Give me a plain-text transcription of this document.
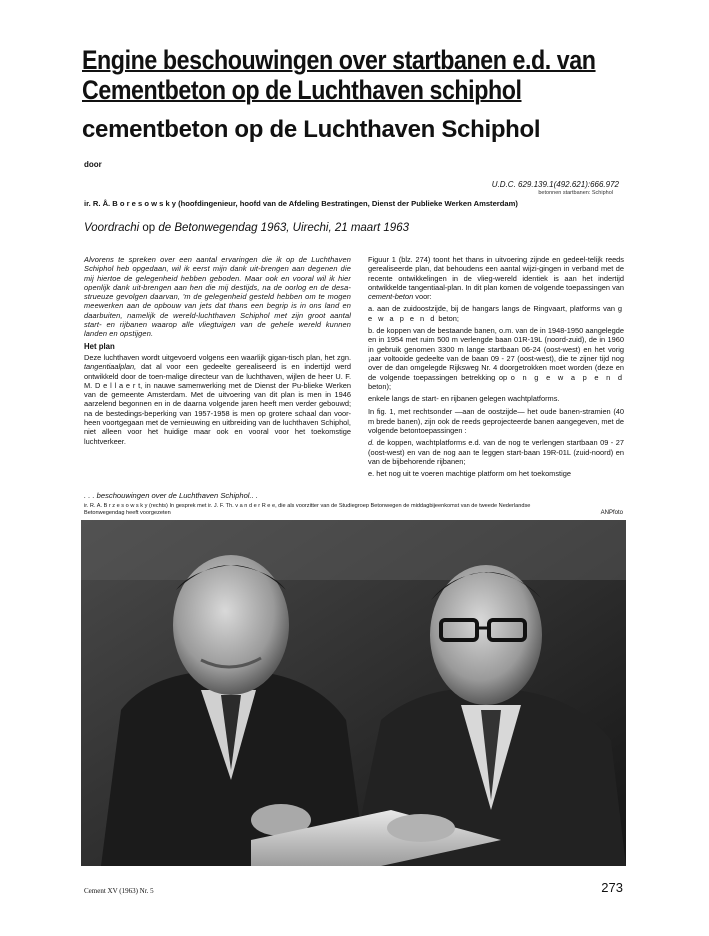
Engine beschouwingen over startbanen e.d. van
Cementbeton op de Luchthaven schiphol
cementbeton op de Luchthaven Schiphol
door
U.D.C. 629.139.1(492.621):666.972
betonnen startbanen: Schiphol
ir. R. Å. B o r e s o w s k y (hoofdingenieur, hoofd van de Afdeling Bestratingen, Dienst der Publieke Werken Amsterdam)
Voordrachi op de Betonwegendag 1963, Uirechi, 21 maart 1963

Alvorens te spreken over een aantal ervaringen die ik op de Luchthaven Schiphol heb opgedaan, wil ik eerst mijn dank uit-brengen aan degenen die mij hiertoe de gelegenheid hebben geboden. Maar ook en vooral wil ik hier openlijk dank uit-brengen aan hen die mij destijds, na de oorlog en de desa-strueuze gevolgen daarvan, 'm de gelegenheid gesteld hebben om te mogen meewerken aan de opbouw van jets dat thans een begrip is in ons land en daarbuiten, namelijk de wereld-luchthaven Schiphol met zijn groot aantal start- en rijbanen waarop alle vliegtuigen van de gehele wereld kunnen landen en opstijgen.

Het plan

Deze luchthaven wordt uitgevoerd volgens een waarlijk gigan-tisch plan, het zgn. tangentiaalplan, dat al voor een gedeelte gerealiseerd is en indertijd werd ontwikkeld door de toen-malige directeur van de luchthaven, wijlen de heer U. F. M. D e l l a e r t, in nauwe samenwerking met de Dienst der Pu-blieke Werken van de gemeente Amsterdam. Met de uitvoering van dit plan is men in 1946 aarzelend begonnen en in de daarna volgende jaren heeft men verder gebouwd; na de bestedings-beperking van 1957-1958 is men op grotere schaal dan voor-heen voortgegaan met de vernieuwing en uitbreiding van de luchthaven Schiphol, niet alleen voor het huidige maar ook en vooral voor het toekomstige luchtverkeer.

Figuur 1 (blz. 274) toont het thans in uitvoering zijnde en gedeel-telijk reeds gerealiseerde plan, dat behoudens een aantal wijzi-gingen in verband met de recente ontwikkelingen in de vlieg-wereld identiek is aan het indertijd ontwikkelde tangentiaal-plan. In dit plan komen de volgende toepassingen van cement-beton voor:

a. aan de zuidoostzijde, bij de hangars langs de Ringvaart, platforms van g e w a p e n d beton;

b. de koppen van de bestaande banen, o.m. van de in 1948-1950 aangelegde en in 1954 met ruim 500 m verlengde baan 01R-19L (noord-zuid), de in 1960 in gebruik genomen 3300 m lange startbaan 06-24 (oost-west) en het vorig ¡aar voltooide gedeelte van de baan 09 - 27 (oost-west), die te zijner tijd nog over de dan omgelegde Rijksweg Nr. 4 doorgetrokken moet worden (deze en de volgende toepassingen betrekking op o n g e w a p e n d beton);

enkele langs de start- en rijbanen gelegen wachtplatforms.

In fig. 1, met rechtsonder —aan de oostzijde— het oude banen-stramien (40 m brede banen), zijn ook de reeds geprojecteerde banen aangegeven, met de volgende betontoepassingen :

d. de koppen, wachtplatforms e.d. van de nog te verlengen startbaan 09 - 27 (oost-west) en van de nog aan te leggen start-baan 19R-01L (zuid-noord) en van de bijbehorende rijbanen;

e. het nog uit te voeren machtige platform om het toekomstige

. . . beschouwingen over de Luchthaven Schiphol.. .
ir. R. A. B r z e s o w s k y (rechts) In gesprek met ir. J. F. Th. v a n d e r R e e, die als voorzitter van de Studiegroep Betonwegen de middagbijeenkomst van de tweede Nederlandse Betonwegendag heeft voorgezeten	ANPfoto
Cement XV (1963) Nr. 5	273
